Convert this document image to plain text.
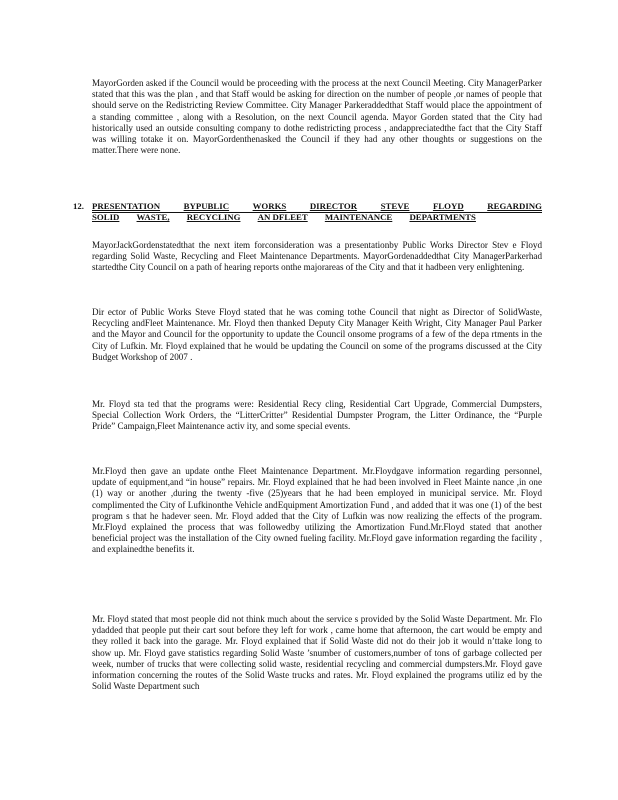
MayorGorden asked if the Council would be proceeding with the process at the next Council Meeting. City ManagerParker stated that this was the plan , and that Staff would be asking for direction on the number of people ,or names of people that should serve on the Redistricting Review Committee. City Manager Parkeraddedthat Staff would place the appointment of a standing committee , along with a Resolution, on the next Council agenda. Mayor Gorden stated that the City had historically used an outside consulting company to dothe redistricting process , andappreciatedthe fact that the City Staff was willing totake it on. MayorGordenthenasked the Council if they had any other thoughts or suggestions on the matter.There were none.

12. PRESENTATION	BYPUBLIC	WORKS	DIRECTOR	STEVE	FLOYD	REGARDING
SOLID WASTE, RECYCLING AN DFLEET MAINTENANCE DEPARTMENTS

MayorJackGordenstatedthat the next item forconsideration was a presentationby Public Works Director Stev e Floyd regarding Solid Waste, Recycling and Fleet Maintenance Departments. MayorGordenaddedthat City ManagerParkerhad startedthe City Council on a path of hearing reports onthe majorareas of the City and that it hadbeen very enlightening.

Dir ector of Public Works Steve Floyd stated that he was coming tothe Council that night as Director of SolidWaste, Recycling andFleet Maintenance. Mr. Floyd then thanked Deputy City Manager Keith Wright, City Manager Paul Parker and the Mayor and Council for the opportunity to update the Council onsome programs of a few of the depa rtments in the City of Lufkin. Mr. Floyd explained that he would be updating the Council on some of the programs discussed at the City Budget Workshop of 2007 .

Mr. Floyd sta ted that the programs were: Residential Recy cling, Residential Cart Upgrade, Commercial Dumpsters, Special Collection Work Orders, the “LitterCritter” Residential Dumpster Program, the Litter Ordinance, the “Purple Pride” Campaign,Fleet Maintenance activ ity, and some special events.

Mr.Floyd then gave an update onthe Fleet Maintenance Department. Mr.Floydgave information regarding personnel, update of equipment,and “in house” repairs. Mr. Floyd explained that he had been involved in Fleet Mainte nance ,in one (1) way or another ,during the twenty -five (25)years that he had been employed in municipal service. Mr. Floyd complimented the City of Lufkinonthe Vehicle andEquipment Amortization Fund , and added that it was one (1) of the best program s that he hadever seen. Mr. Floyd added that the City of Lufkin was now realizing the effects of the program. Mr.Floyd explained the process that was followedby utilizing the Amortization Fund.Mr.Floyd stated that another beneficial project was the installation of the City owned fueling facility. Mr.Floyd gave information regarding the facility , and explainedthe benefits it.

Mr. Floyd stated that most people did not think much about the service s provided by the Solid Waste Department. Mr. Flo ydadded that people put their cart sout before they left for work , came home that afternoon, the cart would be empty and they rolled it back into the garage. Mr. Floyd explained that if Solid Waste did not do their job it would n’ttake long to show up. Mr. Floyd gave statistics regarding Solid Waste ’snumber of customers,number of tons of garbage collected per week, number of trucks that were collecting solid waste, residential recycling and commercial dumpsters.Mr. Floyd gave information concerning the routes of the Solid Waste trucks and rates. Mr. Floyd explained the programs utiliz ed by the Solid Waste Department such
